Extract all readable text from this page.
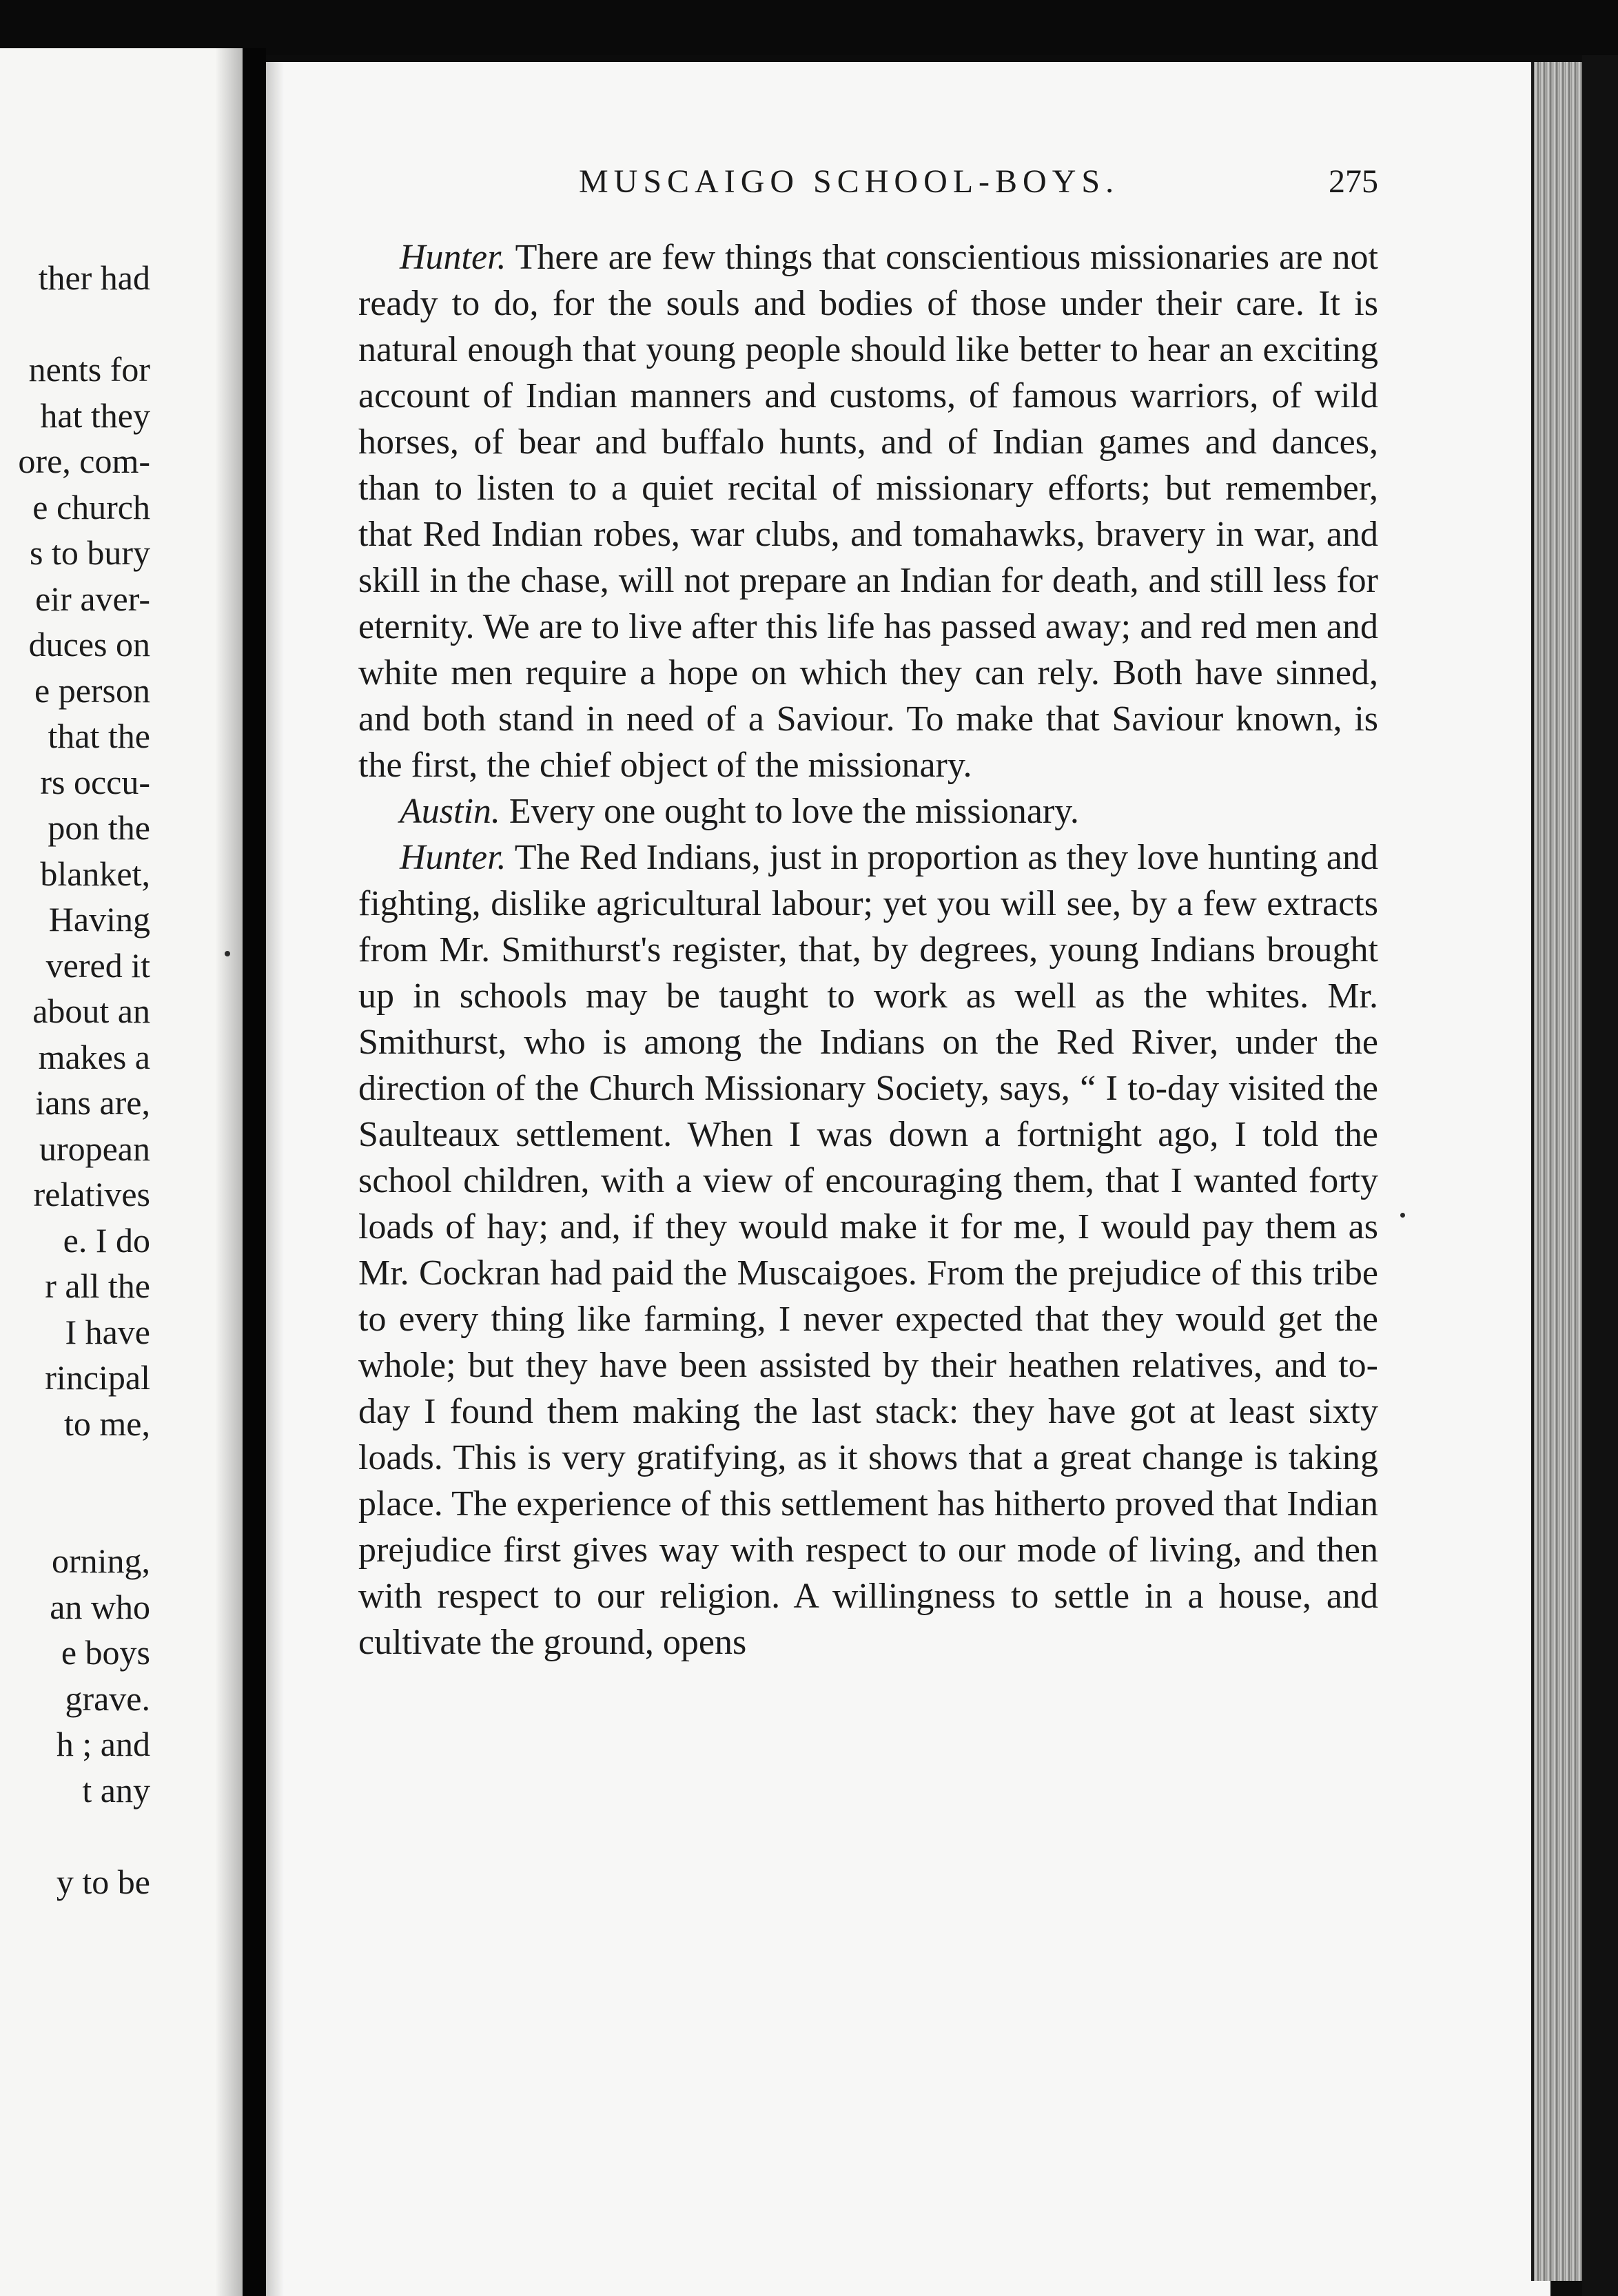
ther had

nents for

hat they

ore, com-

e church

s to bury

eir aver-

duces on

e person

that the

rs occu-

pon the

blanket,

Having

vered it

about an

makes a

ians are,

uropean

relatives

e. I do

r all the

I have

rincipal

to me,

orning,

an who

e boys

grave.

h ; and

t any

y to be

MUSCAIGO SCHOOL-BOYS.	275

Hunter. There are few things that conscientious missionaries are not ready to do, for the souls and bodies of those under their care. It is natural enough that young people should like better to hear an exciting account of Indian manners and customs, of famous warriors, of wild horses, of bear and buffalo hunts, and of Indian games and dances, than to listen to a quiet recital of missionary efforts; but remember, that Red Indian robes, war clubs, and tomahawks, bravery in war, and skill in the chase, will not prepare an Indian for death, and still less for eternity. We are to live after this life has passed away; and red men and white men require a hope on which they can rely. Both have sinned, and both stand in need of a Saviour. To make that Saviour known, is the first, the chief object of the missionary.

Austin. Every one ought to love the missionary.

Hunter. The Red Indians, just in proportion as they love hunting and fighting, dislike agricultural labour; yet you will see, by a few extracts from Mr. Smithurst's register, that, by degrees, young Indians brought up in schools may be taught to work as well as the whites. Mr. Smithurst, who is among the Indians on the Red River, under the direction of the Church Missionary Society, says, “ I to-day visited the Saulteaux settlement. When I was down a fortnight ago, I told the school children, with a view of encouraging them, that I wanted forty loads of hay; and, if they would make it for me, I would pay them as Mr. Cockran had paid the Muscaigoes. From the prejudice of this tribe to every thing like farming, I never expected that they would get the whole; but they have been assisted by their heathen relatives, and to-day I found them making the last stack: they have got at least sixty loads. This is very gratifying, as it shows that a great change is taking place. The experience of this settlement has hitherto proved that Indian prejudice first gives way with respect to our mode of living, and then with respect to our religion. A willingness to settle in a house, and cultivate the ground, opens
